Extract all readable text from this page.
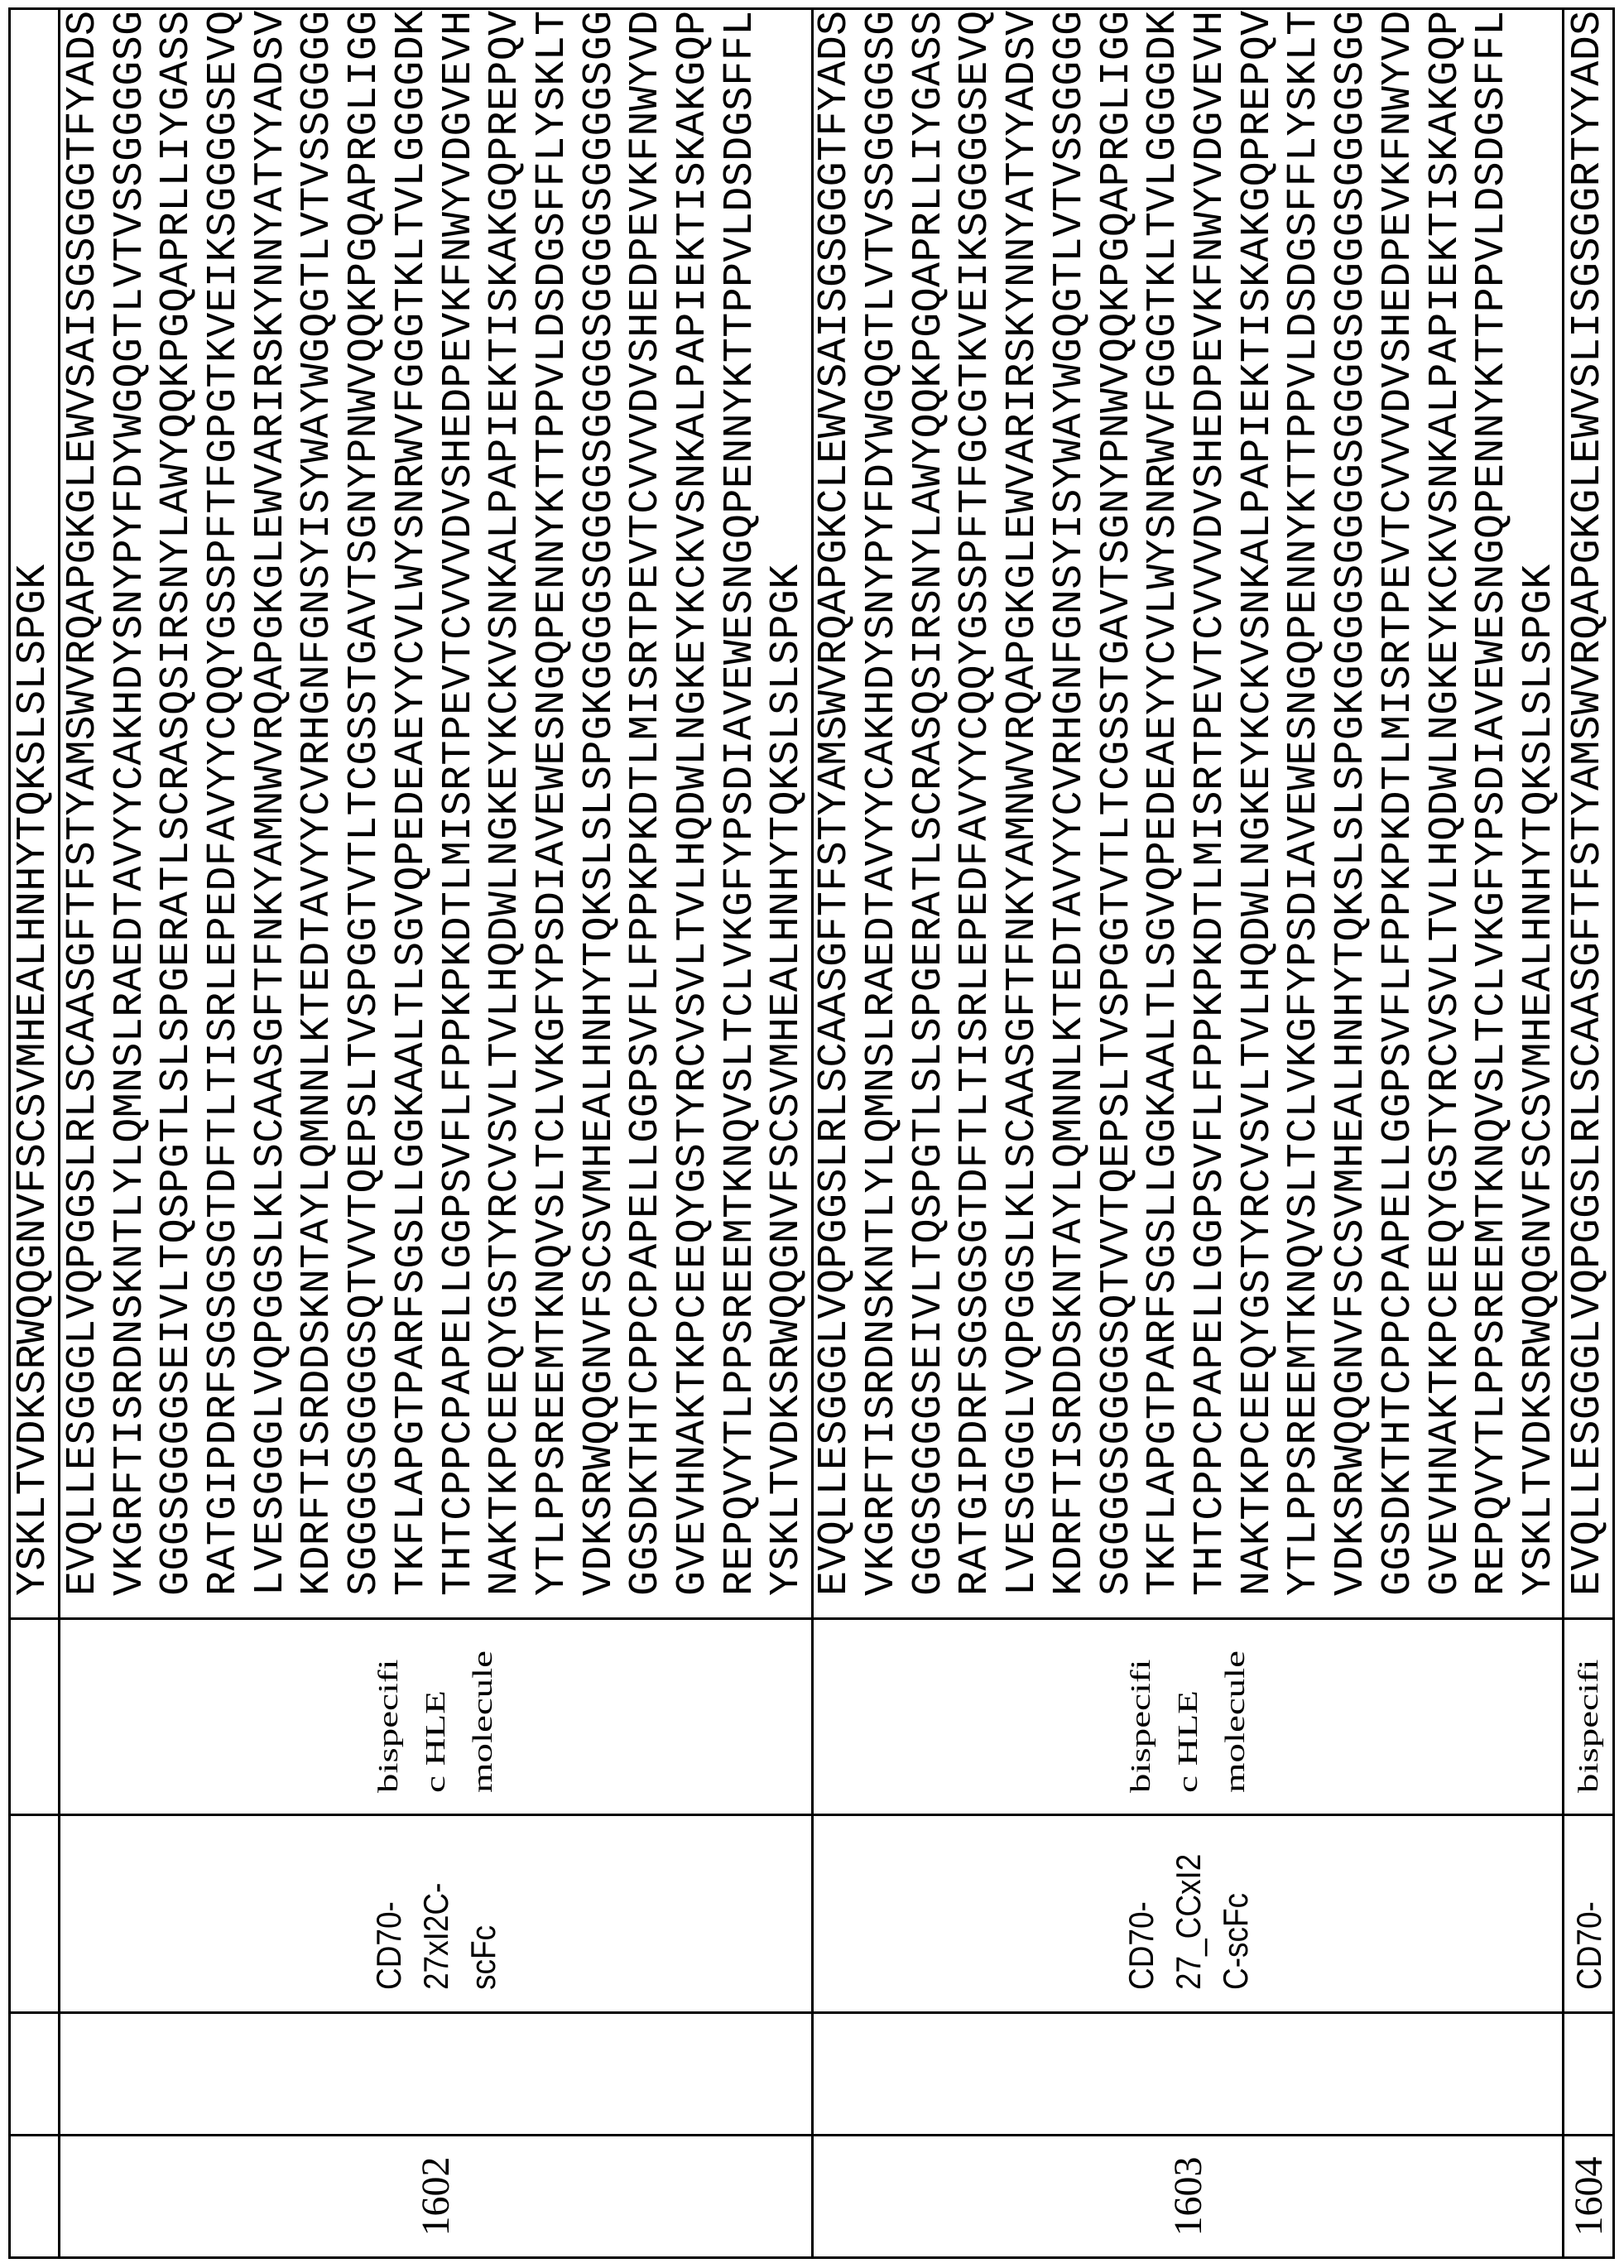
YSKLTVDKSRWQQGNVFSCSVMHEALHNHYTQKSLSLSPGK

1602

CD70- 27xI2C- scFc

bispecifi c HLE molecule

EVQLLESGGGLVQPGGSLRLSCAASGFTFSTYAMSWVRQAPGKGLEWVSAISGSGGGTFYADS VKGRFTISRDNSKNTLYLQMNSLRAEDTAVYYCAKHDYSNYPYFDYWGQGTLVTVSSGGGGSG GGGSGGGGSEIVLTQSPGTLSLSPGERATLSCRASQSIRSNYLAWYQQKPGQAPRLLIYGASS RATGIPDRFSGSGSGTDFTLTISRLEPEDFAVYYCQQYGSSPFTFGPGTKVEIKSGGGGSEVQ LVESGGGLVQPGGSLKLSCAASGFTFNKYAMNWVRQAPGKGLEWVARIRSKYNNYATYYADSV KDRFTISRDDSKNTAYLQMNNLKTEDTAVYYCVRHGNFGNSYISYWAYWGQGTLVTVSSGGGG SGGGGSGGGGSQTVVTQEPSLTVSPGGTVTLTCGSSTGAVTSGNYPNWVQQKPGQAPRGLIGG TKFLAPGTPARFSGSLLGGKAALTLSGVQPEDEAEYYCVLWYSNRWVFGGGTKLTVLGGGGDK THTCPPCPAPELLGGPSVFLFPPKPKDTLMISRTPEVTCVVVDVSHEDPEVKFNWYVDGVEVH NAKTKPCEEQYGSTYRCVSVLTVLHQDWLNGKEYKCKVSNKALPAPIEKTISKAKGQPREPQV YTLPPSREEMTKNQVSLTCLVKGFYPSDIAVEWESNGQPENNYKTTPPVLDSDGSFFLYSKLT VDKSRWQQGNVFSCSVMHEALHNHYTQKSLSLSPGKGGGGSGGGGSGGGGSGGGGSGGGGSGG GGSDKTHTCPPCPAPELLGGPSVFLFPPKPKDTLMISRTPEVTCVVVDVSHEDPEVKFNWYVD GVEVHNAKTKPCEEQYGSTYRCVSVLTVLHQDWLNGKEYKCKVSNKALPAPIEKTISKAKGQP REPQVYTLPPSREEMTKNQVSLTCLVKGFYPSDIAVEWESNGQPENNYKTTPPVLDSDGSFFL YSKLTVDKSRWQQGNVFSCSVMHEALHNHYTQKSLSLSPGK

1603

CD70- 27_CCxI2 C-scFc

bispecifi c HLE molecule

EVQLLESGGGLVQPGGSLRLSCAASGFTFSTYAMSWVRQAPGKCLEWVSAISGSGGGTFYADS VKGRFTISRDNSKNTLYLQMNSLRAEDTAVYYCAKHDYSNYPYFDYWGQGTLVTVSSGGGGSG GGGSGGGGSEIVLTQSPGTLSLSPGERATLSCRASQSIRSNYLAWYQQKPGQAPRLLIYGASS RATGIPDRFSGSGSGTDFTLTISRLEPEDFAVYYCQQYGSSPFTFGCGTKVEIKSGGGGSEVQ LVESGGGLVQPGGSLKLSCAASGFTFNKYAMNWVRQAPGKGLEWVARIRSKYNNYATYYADSV KDRFTISRDDSKNTAYLQMNNLKTEDTAVYYCVRHGNFGNSYISYWAYWGQGTLVTVSSGGGG SGGGGSGGGGSQTVVTQEPSLTVSPGGTVTLTCGSSTGAVTSGNYPNWVQQKPGQAPRGLIGG TKFLAPGTPARFSGSLLGGKAALTLSGVQPEDEAEYYCVLWYSNRWVFGGGTKLTVLGGGGDK THTCPPCPAPELLGGPSVFLFPPKPKDTLMISRTPEVTCVVVDVSHEDPEVKFNWYVDGVEVH NAKTKPCEEQYGSTYRCVSVLTVLHQDWLNGKEYKCKVSNKALPAPIEKTISKAKGQPREPQV YTLPPSREEMTKNQVSLTCLVKGFYPSDIAVEWESNGQPENNYKTTPPVLDSDGSFFLYSKLT VDKSRWQQGNVFSCSVMHEALHNHYTQKSLSLSPGKGGGGSGGGGSGGGGSGGGGSGGGGSGG GGSDKTHTCPPCPAPELLGGPSVFLFPPKPKDTLMISRTPEVTCVVVDVSHEDPEVKFNWYVD GVEVHNAKTKPCEEQYGSTYRCVSVLTVLHQDWLNGKEYKCKVSNKALPAPIEKTISKAKGQP REPQVYTLPPSREEMTKNQVSLTCLVKGFYPSDIAVEWESNGQPENNYKTTPPVLDSDGSFFL YSKLTVDKSRWQQGNVFSCSVMHEALHNHYTQKSLSLSPGK

1604

CD70-

bispecifi

EVQLLESGGGLVQPGGSLRLSCAASGFTFSTYAMSWVRQAPGKGLEWVSLISGSGGRTYYADS
